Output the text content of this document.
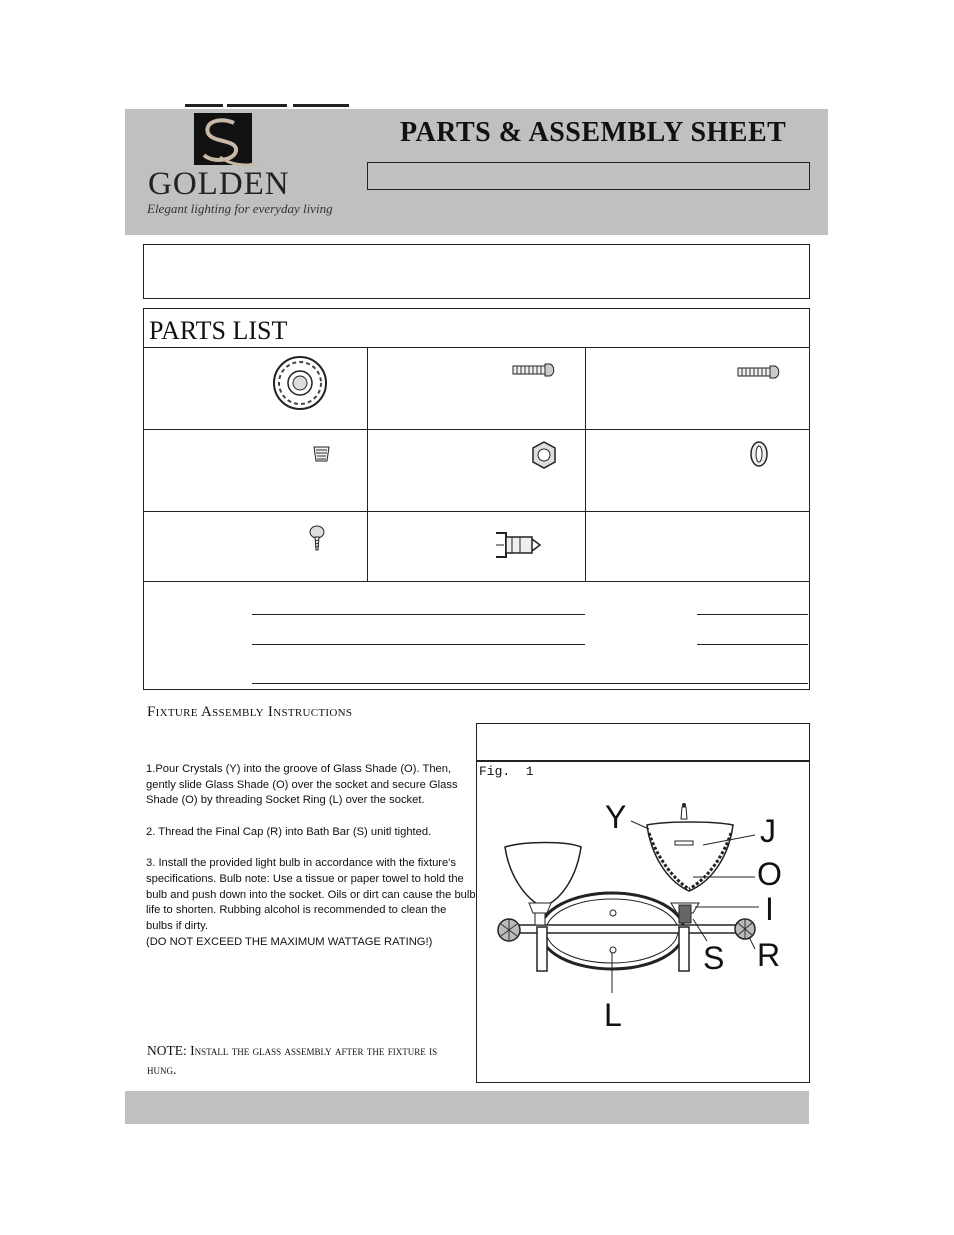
GOLDEN
Elegant lighting for everyday living
PARTS & ASSEMBLY SHEET
PARTS LIST
Fixture Assembly Instructions

1.Pour Crystals (Y) into the groove of Glass Shade (O). Then, gently slide Glass Shade (O) over the socket and secure Glass Shade (O) by threading Socket Ring (L) over the socket.

2. Thread the Final Cap (R) into Bath Bar (S) unitl tighted.

3. Install the provided light bulb in accordance with the fixture's specifications. Bulb note: Use a tissue or paper towel to hold the bulb and push down into the socket. Oils or dirt can cause the bulb life to shorten. Rubbing alcohol is recommended to clean the bulbs if dirty.

(DO NOT EXCEED THE MAXIMUM WATTAGE RATING!)

NOTE: Install the glass assembly after the fixture is hung.
Fig.  1
Y	J
O
I
S R
L
